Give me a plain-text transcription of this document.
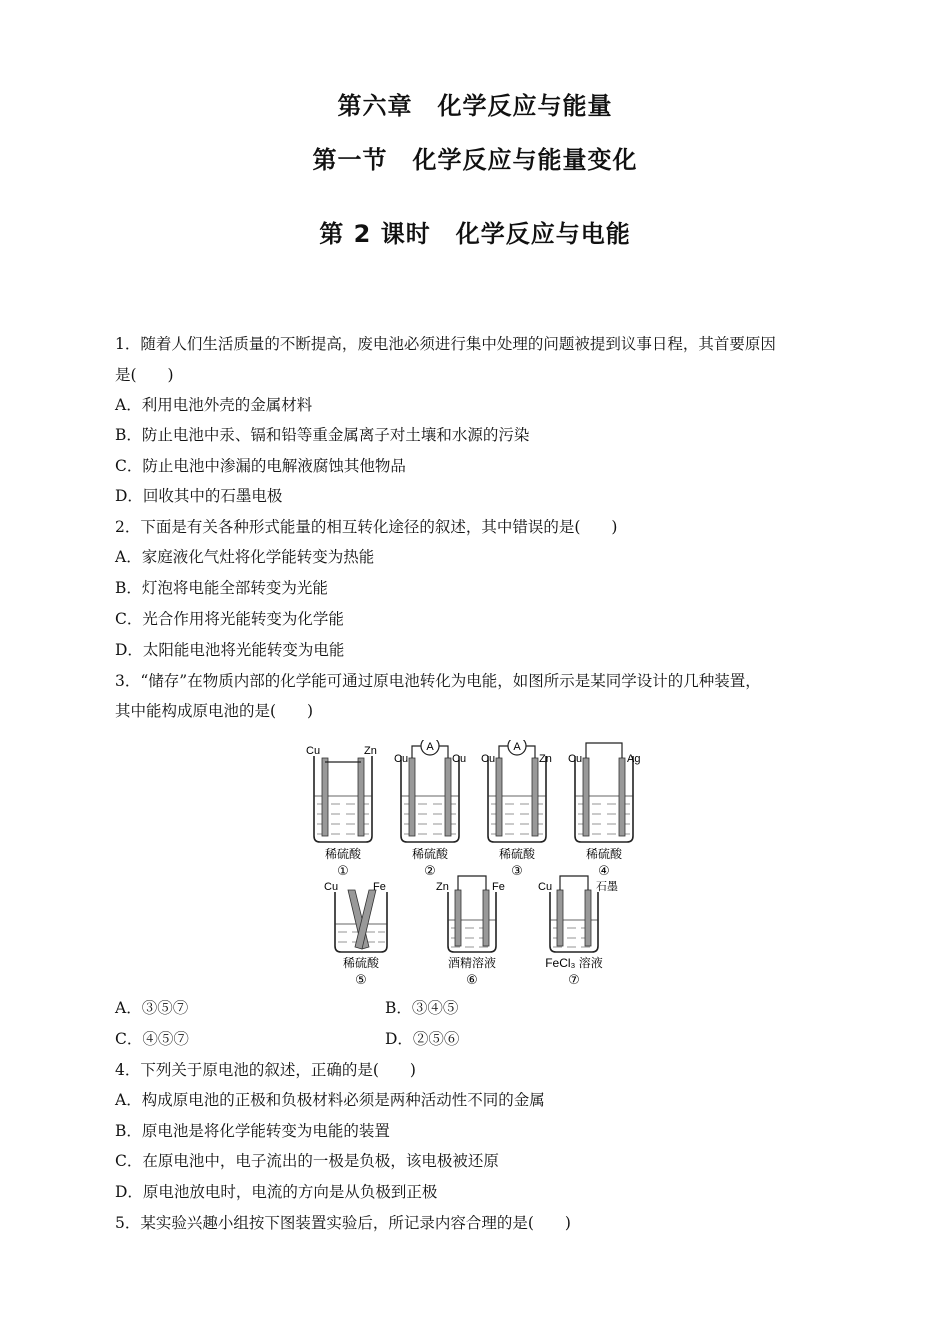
第六章　化学反应与能量
第一节　化学反应与能量变化
第 2 课时　化学反应与电能
1．随着人们生活质量的不断提高，废电池必须进行集中处理的问题被提到议事日程，其首要原因
是(　　)
A．利用电池外壳的金属材料
B．防止电池中汞、镉和铅等重金属离子对土壤和水源的污染
C．防止电池中渗漏的电解液腐蚀其他物品
D．回收其中的石墨电极
2．下面是有关各种形式能量的相互转化途径的叙述，其中错误的是(　　)
A．家庭液化气灶将化学能转变为热能
B．灯泡将电能全部转变为光能
C．光合作用将光能转变为化学能
D．太阳能电池将光能转变为电能
3．“储存”在物质内部的化学能可通过原电池转化为电能，如图所示是某同学设计的几种装置，
其中能构成原电池的是(　　)
Cu	Zn
稀硫酸
①
A
Cu	Cu
稀硫酸
②
A
Cu	Zn
稀硫酸
③
Cu	Ag
稀硫酸
④
Cu	Fe
稀硫酸
⑤
Zn	Fe
酒精溶液
⑥
Cu	石墨
FeCl₃ 溶液
⑦
A．③⑤⑦	B．③④⑤
C．④⑤⑦	D．②⑤⑥
4．下列关于原电池的叙述，正确的是(　　)
A．构成原电池的正极和负极材料必须是两种活动性不同的金属
B．原电池是将化学能转变为电能的装置
C．在原电池中，电子流出的一极是负极，该电极被还原
D．原电池放电时，电流的方向是从负极到正极
5．某实验兴趣小组按下图装置实验后，所记录内容合理的是(　　)
